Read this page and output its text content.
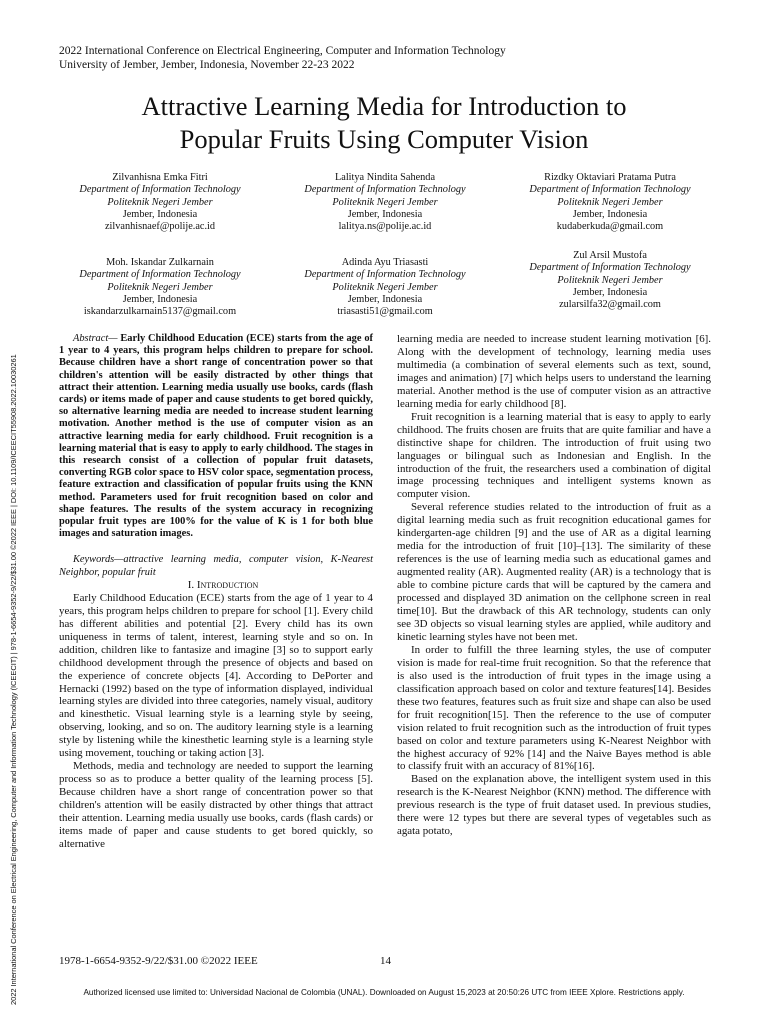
2022 International Conference on Electrical Engineering, Computer and Information Technology
University of Jember, Jember, Indonesia, November 22-23 2022
Attractive Learning Media for Introduction to
Popular Fruits Using Computer Vision
2022 International Conference on Electrical Engineering, Computer and Information Technology (ICEECIT) | 978-1-6654-9352-9/22/$31.00 ©2022 IEEE | DOI: 10.1109/ICEECIT55908.2022.10030261
Zilvanhisna Emka Fitri
Department of Information Technology
Politeknik Negeri Jember
Jember, Indonesia
zilvanhisnaef@polije.ac.id
Lalitya Nindita Sahenda
Department of Information Technology
Politeknik Negeri Jember
Jember, Indonesia
lalitya.ns@polije.ac.id
Rizdky Oktaviari Pratama Putra
Department of Information Technology
Politeknik Negeri Jember
Jember, Indonesia
kudaberkuda@gmail.com
Moh. Iskandar Zulkarnain
Department of Information Technology
Politeknik Negeri Jember
Jember, Indonesia
iskandarzulkarnain5137@gmail.com
Adinda Ayu Triasasti
Department of Information Technology
Politeknik Negeri Jember
Jember, Indonesia
triasasti51@gmail.com
Zul Arsil Mustofa
Department of Information Technology
Politeknik Negeri Jember
Jember, Indonesia
zularsilfa32@gmail.com

Abstract— Early Childhood Education (ECE) starts from the age of 1 year to 4 years, this program helps children to prepare for school. Because children have a short range of concentration power so that children's attention will be easily distracted by other things that attract their attention. Learning media usually use books, cards (flash cards) or items made of paper and cause students to get bored quickly, so alternative learning media are needed to increase student learning motivation. Another method is the use of computer vision as an attractive learning media for early childhood. Fruit recognition is a learning material that is easy to apply to early childhood. The stages in this research consist of a collection of popular fruit datasets, converting RGB color space to HSV color space, segmentation process, feature extraction and classification of popular fruits using the KNN method. Parameters used for fruit recognition based on color and shape features. The results of the system accuracy in recognizing popular fruit types are 100% for the value of K is 1 for both blue images and saturation images.

Keywords—attractive learning media, computer vision, K-Nearest Neighbor, popular fruit

I. Introduction

Early Childhood Education (ECE) starts from the age of 1 year to 4 years, this program helps children to prepare for school [1]. Every child has different abilities and potential [2]. Every child has its own uniqueness in terms of talent, interest, learning style and so on. In addition, children like to fantasize and imagine [3] so to support early childhood development through the presence of objects and based on the experience of concrete objects [4]. According to DePorter and Hernacki (1992) based on the type of information displayed, individual learning styles are divided into three categories, namely visual, auditory and kinesthetic. Visual learning style is a learning style by seeing, observing, looking, and so on. The auditory learning style is a learning style by listening while the kinesthetic learning style is a learning style using movement, touching or taking action [3].

Methods, media and technology are needed to support the learning process so as to produce a better quality of the learning process [5]. Because children have a short range of concentration power so that children's attention will be easily distracted by other things that attract their attention. Learning media usually use books, cards (flash cards) or items made of paper and cause students to get bored quickly, so alternative

learning media are needed to increase student learning motivation [6]. Along with the development of technology, learning media uses multimedia (a combination of several elements such as text, sound, images and animation) [7] which helps users to understand the learning material. Another method is the use of computer vision as an attractive learning media for early childhood [8].

Fruit recognition is a learning material that is easy to apply to early childhood. The fruits chosen are fruits that are quite familiar and have a distinctive shape for children. The introduction of fruit using two languages or bilingual such as Indonesian and English. In the introduction of the fruit, the researchers used a combination of digital image processing techniques and intelligent systems known as computer vision.

Several reference studies related to the introduction of fruit as a digital learning media such as fruit recognition educational games for kindergarten-age children [9] and the use of AR as a digital learning media for the introduction of fruit [10]–[13]. The similarity of these references is the use of learning media such as educational games and augmented reality (AR). Augmented reality (AR) is a technology that is able to combine picture cards that will be captured by the camera and processed and displayed 3D animation on the cellphone screen in real time[10]. But the drawback of this AR technology, students can only see 3D objects so visual learning styles are applied, while auditory and kinetic learning styles have not been met.

In order to fulfill the three learning styles, the use of computer vision is made for real-time fruit recognition. So that the reference that is also used is the introduction of fruit types in the image using a classification approach based on color and texture features[14]. Besides these two features, features such as fruit size and shape can also be used for fruit recognition[15]. Then the reference to the use of computer vision related to fruit recognition such as the introduction of fruit types based on color and texture parameters using K-Nearest Neighbor with the highest accuracy of 92% [14] and the Naive Bayes method is able to classify fruit with an accuracy of 81%[16].

Based on the explanation above, the intelligent system used in this research is the K-Nearest Neighbor (KNN) method. The difference with previous research is the type of fruit dataset used. In previous studies, there were 12 types but there are several types of vegetables such as agata potato,

1978-1-6654-9352-9/22/$31.00 ©2022 IEEE	14
Authorized licensed use limited to: Universidad Nacional de Colombia (UNAL). Downloaded on August 15,2023 at 20:50:26 UTC from IEEE Xplore. Restrictions apply.
